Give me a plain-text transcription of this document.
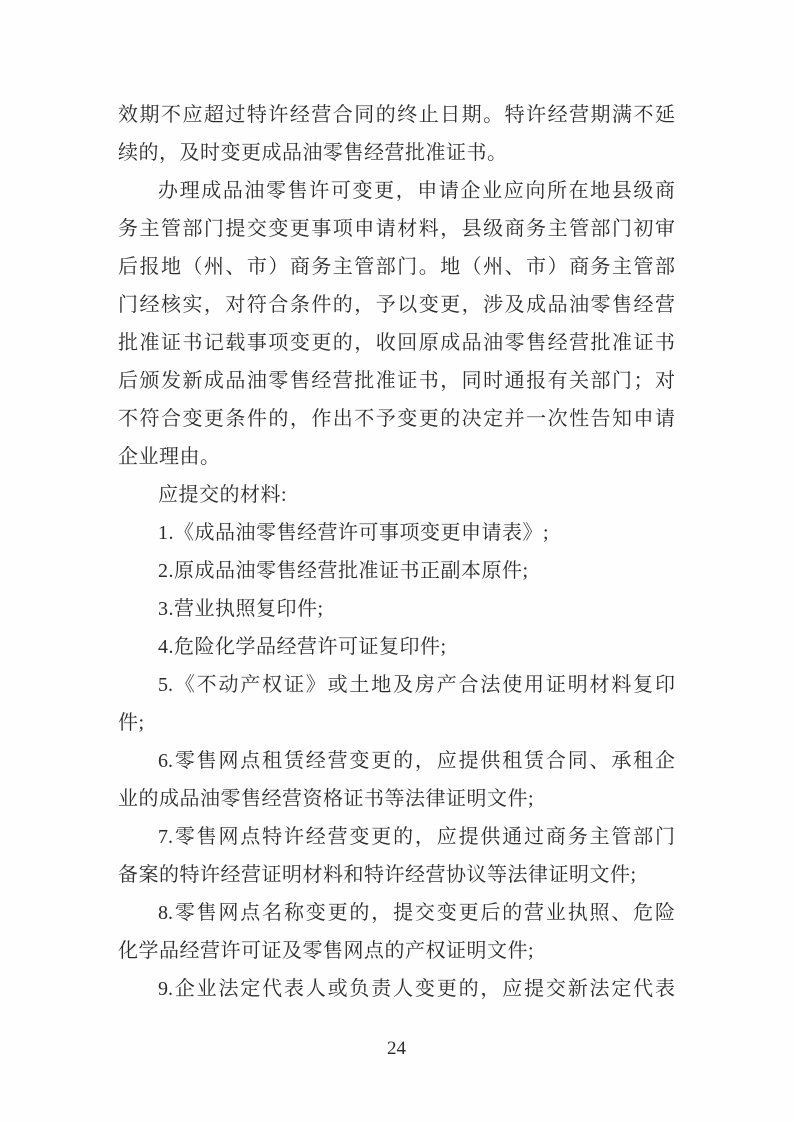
效期不应超过特许经营合同的终止日期。特许经营期满不延
续的，及时变更成品油零售经营批准证书。
办理成品油零售许可变更，申请企业应向所在地县级商
务主管部门提交变更事项申请材料，县级商务主管部门初审
后报地（州、市）商务主管部门。地（州、市）商务主管部
门经核实，对符合条件的，予以变更，涉及成品油零售经营
批准证书记载事项变更的，收回原成品油零售经营批准证书
后颁发新成品油零售经营批准证书，同时通报有关部门；对
不符合变更条件的，作出不予变更的决定并一次性告知申请
企业理由。
应提交的材料:
1.《成品油零售经营许可事项变更申请表》;
2.原成品油零售经营批准证书正副本原件;
3.营业执照复印件;
4.危险化学品经营许可证复印件;
5.《不动产权证》或土地及房产合法使用证明材料复印
件;
6.零售网点租赁经营变更的，应提供租赁合同、承租企
业的成品油零售经营资格证书等法律证明文件;
7.零售网点特许经营变更的，应提供通过商务主管部门
备案的特许经营证明材料和特许经营协议等法律证明文件;
8.零售网点名称变更的，提交变更后的营业执照、危险
化学品经营许可证及零售网点的产权证明文件;
9.企业法定代表人或负责人变更的，应提交新法定代表
24
